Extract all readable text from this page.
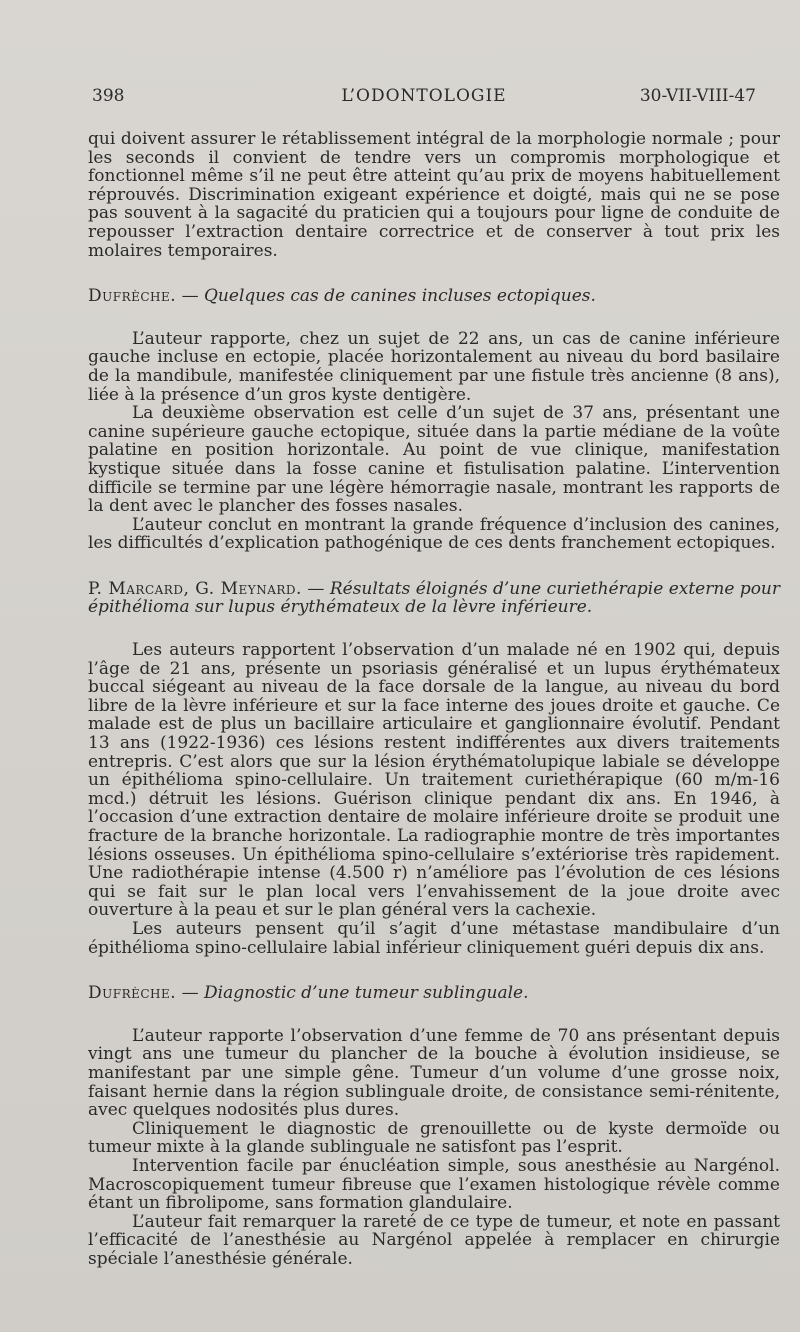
398	L’ODONTOLOGIE	30-VII-VIII-47

qui doivent assurer le rétablissement intégral de la morphologie normale ; pour les seconds il convient de tendre vers un compromis morphologique et fonctionnel même s’il ne peut être atteint qu’au prix de moyens habituellement réprouvés. Discrimination exigeant expérience et doigté, mais qui ne se pose pas souvent à la sagacité du praticien qui a toujours pour ligne de conduite de repousser l’extraction dentaire correctrice et de conserver à tout prix les molaires temporaires.

Dufrèche. — Quelques cas de canines incluses ectopiques.

L’auteur rapporte, chez un sujet de 22 ans, un cas de canine inférieure gauche incluse en ectopie, placée horizontalement au niveau du bord basilaire de la mandibule, manifestée cliniquement par une fistule très ancienne (8 ans), liée à la présence d’un gros kyste dentigère.

La deuxième observation est celle d’un sujet de 37 ans, présentant une canine supérieure gauche ectopique, située dans la partie médiane de la voûte palatine en position horizontale. Au point de vue clinique, manifestation kystique située dans la fosse canine et fistulisation palatine. L’intervention difficile se termine par une légère hémorragie nasale, montrant les rapports de la dent avec le plancher des fosses nasales.

L’auteur conclut en montrant la grande fréquence d’inclusion des canines, les difficultés d’explication pathogénique de ces dents franchement ectopiques.

P. Marcard, G. Meynard. — Résultats éloignés d’une curiethérapie externe pour épithélioma sur lupus érythémateux de la lèvre inférieure.

Les auteurs rapportent l’observation d’un malade né en 1902 qui, depuis l’âge de 21 ans, présente un psoriasis généralisé et un lupus érythémateux buccal siégeant au niveau de la face dorsale de la langue, au niveau du bord libre de la lèvre inférieure et sur la face interne des joues droite et gauche. Ce malade est de plus un bacillaire articulaire et ganglionnaire évolutif. Pendant 13 ans (1922-1936) ces lésions restent indifférentes aux divers traitements entrepris. C’est alors que sur la lésion érythématolupique labiale se développe un épithélioma spino-cellulaire. Un traitement curiethérapique (60 m/m-16 mcd.) détruit les lésions. Guérison clinique pendant dix ans. En 1946, à l’occasion d’une extraction dentaire de molaire inférieure droite se produit une fracture de la branche horizontale. La radiographie montre de très importantes lésions osseuses. Un épithélioma spino-cellulaire s’extériorise très rapidement. Une radiothérapie intense (4.500 r) n’améliore pas l’évolution de ces lésions qui se fait sur le plan local vers l’envahissement de la joue droite avec ouverture à la peau et sur le plan général vers la cachexie.

Les auteurs pensent qu’il s’agit d’une métastase mandibulaire d’un épithélioma spino-cellulaire labial inférieur cliniquement guéri depuis dix ans.

Dufrèche. — Diagnostic d’une tumeur sublinguale.

L’auteur rapporte l’observation d’une femme de 70 ans présentant depuis vingt ans une tumeur du plancher de la bouche à évolution insidieuse, se manifestant par une simple gêne. Tumeur d’un volume d’une grosse noix, faisant hernie dans la région sublinguale droite, de consistance semi-rénitente, avec quelques nodosités plus dures.

Cliniquement le diagnostic de grenouillette ou de kyste dermoïde ou tumeur mixte à la glande sublinguale ne satisfont pas l’esprit.

Intervention facile par énucléation simple, sous anesthésie au Nargénol. Macroscopiquement tumeur fibreuse que l’examen histologique révèle comme étant un fibrolipome, sans formation glandulaire.

L’auteur fait remarquer la rareté de ce type de tumeur, et note en passant l’efficacité de l’anesthésie au Nargénol appelée à remplacer en chirurgie spéciale l’anesthésie générale.
